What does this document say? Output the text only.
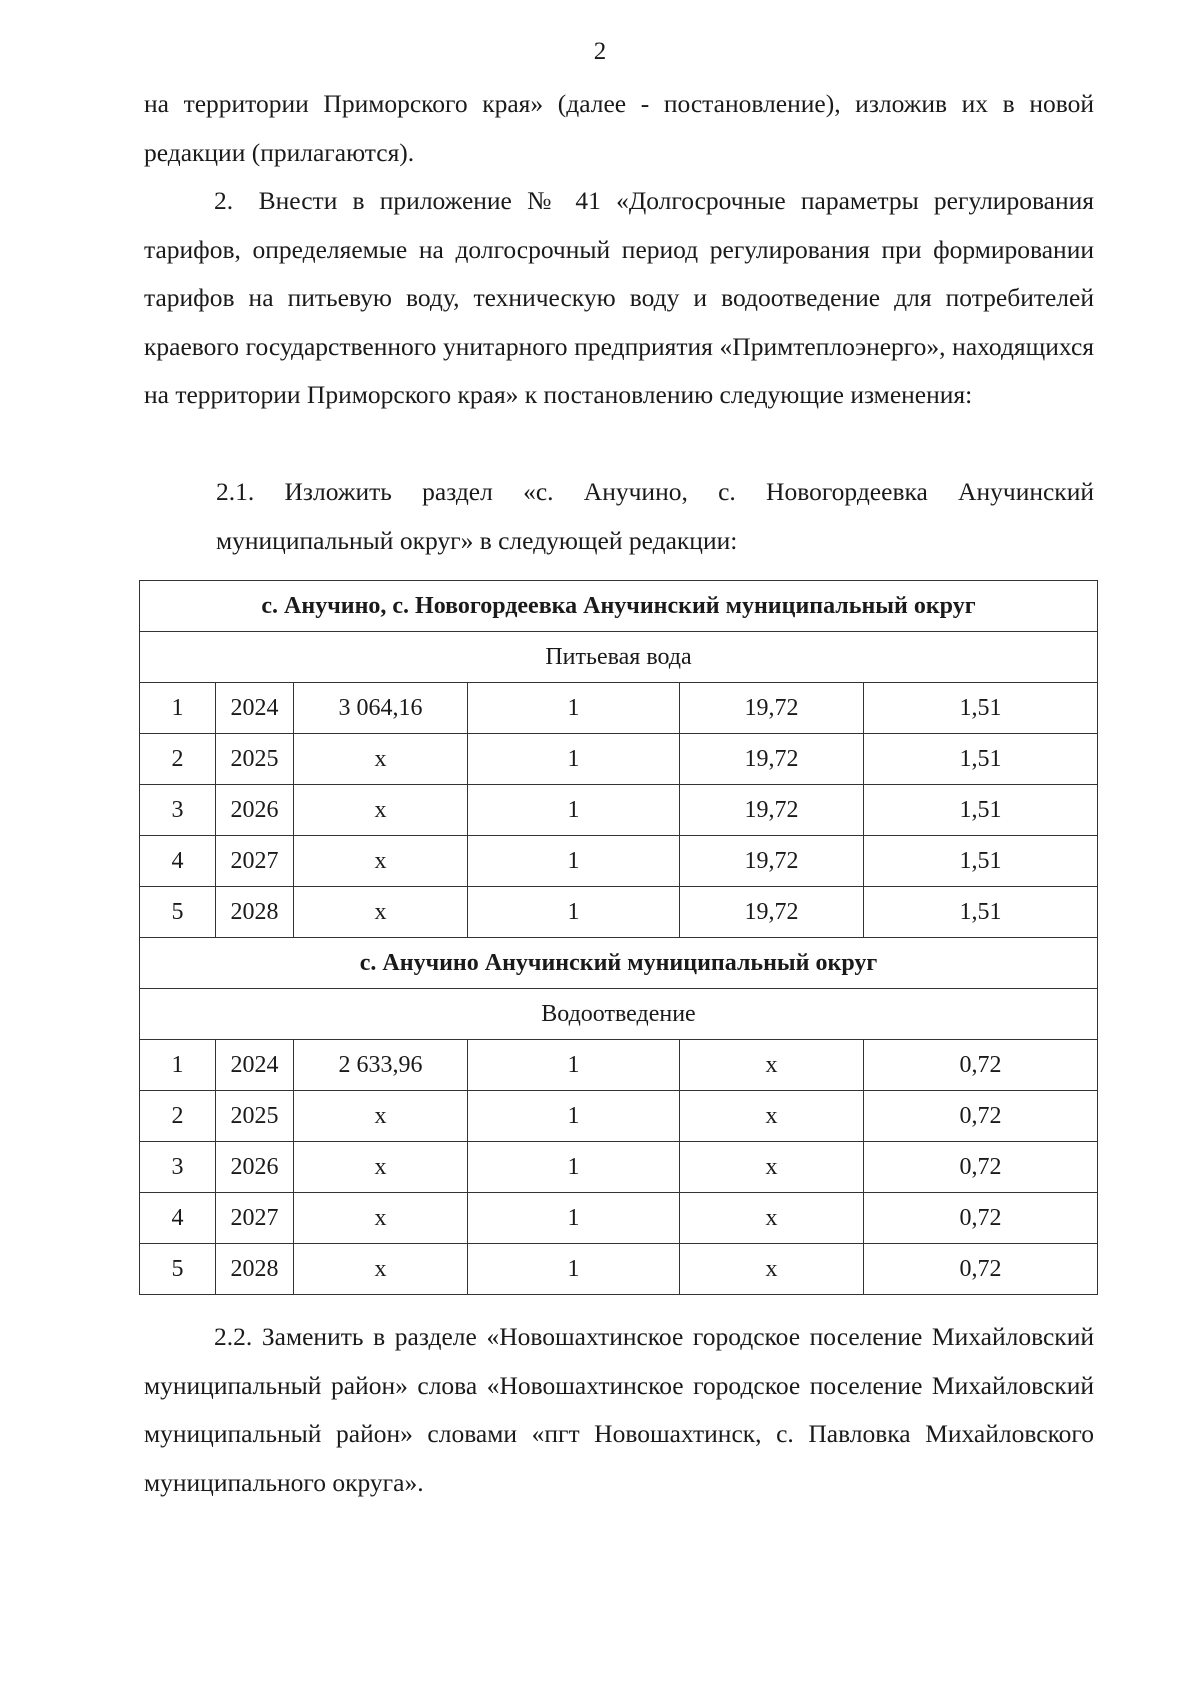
2

на территории Приморского края» (далее - постановление), изложив их в новой редакции (прилагаются).

2. Внести в приложение № 41 «Долгосрочные параметры регулирования тарифов, определяемые на долгосрочный период регулирования при формировании тарифов на питьевую воду, техническую воду и водоотведение для потребителей краевого государственного унитарного предприятия «Примтеплоэнерго», находящихся на территории Приморского края» к постановлению следующие изменения:

2.1. Изложить раздел «с. Анучино, с. Новогордеевка Анучинский муниципальный округ» в следующей редакции:

с. Анучино, с. Новогордеевка Анучинский муниципальный округ					
Питьевая вода					
1	2024	3 064,16	1	19,72	1,51
2	2025	х	1	19,72	1,51
3	2026	х	1	19,72	1,51
4	2027	х	1	19,72	1,51
5	2028	х	1	19,72	1,51
с. Анучино Анучинский муниципальный округ					
Водоотведение					
1	2024	2 633,96	1	х	0,72
2	2025	х	1	х	0,72
3	2026	х	1	х	0,72
4	2027	х	1	х	0,72
5	2028	х	1	х	0,72

2.2. Заменить в разделе «Новошахтинское городское поселение Михайловский муниципальный район» слова «Новошахтинское городское поселение Михайловский муниципальный район» словами «пгт Новошахтинск, с. Павловка Михайловского муниципального округа».
